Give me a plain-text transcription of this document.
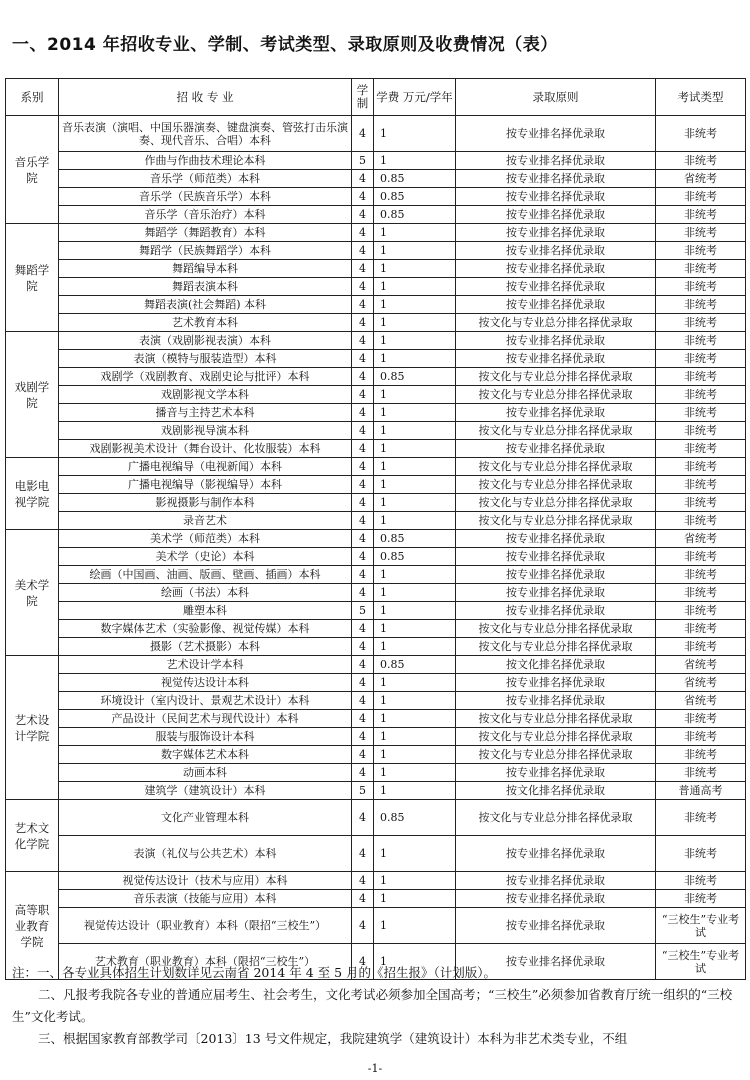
一、2014 年招收专业、学制、考试类型、录取原则及收费情况（表）
系别	招 收 专 业	学制	学费 万元/学年	录取原则	考试类型
音乐学院	音乐表演（演唱、中国乐器演奏、键盘演奏、管弦打击乐演奏、现代音乐、合唱）本科	4	1	按专业排名择优录取	非统考
	作曲与作曲技术理论本科	5	1	按专业排名择优录取	非统考
	音乐学（师范类）本科	4	0.85	按专业排名择优录取	省统考
	音乐学（民族音乐学）本科	4	0.85	按专业排名择优录取	非统考
	音乐学（音乐治疗）本科	4	0.85	按专业排名择优录取	非统考
舞蹈学院	舞蹈学（舞蹈教育）本科	4	1	按专业排名择优录取	非统考
	舞蹈学（民族舞蹈学）本科	4	1	按专业排名择优录取	非统考
	舞蹈编导本科	4	1	按专业排名择优录取	非统考
	舞蹈表演本科	4	1	按专业排名择优录取	非统考
	舞蹈表演(社会舞蹈) 本科	4	1	按专业排名择优录取	非统考
	艺术教育本科	4	1	按文化与专业总分排名择优录取	非统考
戏剧学院	表演（戏剧影视表演）本科	4	1	按专业排名择优录取	非统考
	表演（模特与服装造型）本科	4	1	按专业排名择优录取	非统考
	戏剧学（戏剧教育、戏剧史论与批评）本科	4	0.85	按文化与专业总分排名择优录取	非统考
	戏剧影视文学本科	4	1	按文化与专业总分排名择优录取	非统考
	播音与主持艺术本科	4	1	按专业排名择优录取	非统考
	戏剧影视导演本科	4	1	按文化与专业总分排名择优录取	非统考
	戏剧影视美术设计（舞台设计、化妆服装）本科	4	1	按专业排名择优录取	非统考
电影电视学院	广播电视编导（电视新闻）本科	4	1	按文化与专业总分排名择优录取	非统考
	广播电视编导（影视编导）本科	4	1	按文化与专业总分排名择优录取	非统考
	影视摄影与制作本科	4	1	按文化与专业总分排名择优录取	非统考
	录音艺术	4	1	按文化与专业总分排名择优录取	非统考
美术学院	美术学（师范类）本科	4	0.85	按专业排名择优录取	省统考
	美术学（史论）本科	4	0.85	按专业排名择优录取	非统考
	绘画（中国画、油画、版画、壁画、插画）本科	4	1	按专业排名择优录取	非统考
	绘画（书法）本科	4	1	按专业排名择优录取	非统考
	雕塑本科	5	1	按专业排名择优录取	非统考
	数字媒体艺术（实验影像、视觉传媒）本科	4	1	按文化与专业总分排名择优录取	非统考
	摄影（艺术摄影）本科	4	1	按文化与专业总分排名择优录取	非统考
艺术设计学院	艺术设计学本科	4	0.85	按文化排名择优录取	省统考
	视觉传达设计本科	4	1	按专业排名择优录取	省统考
	环境设计（室内设计、景观艺术设计）本科	4	1	按专业排名择优录取	省统考
	产品设计（民间艺术与现代设计）本科	4	1	按文化与专业总分排名择优录取	非统考
	服装与服饰设计本科	4	1	按文化与专业总分排名择优录取	非统考
	数字媒体艺术本科	4	1	按文化与专业总分排名择优录取	非统考
	动画本科	4	1	按专业排名择优录取	非统考
	建筑学（建筑设计）本科	5	1	按文化排名择优录取	普通高考
艺术文化学院	文化产业管理本科	4	0.85	按文化与专业总分排名择优录取	非统考
	表演（礼仪与公共艺术）本科	4	1	按专业排名择优录取	非统考
高等职业教育学院	视觉传达设计（技术与应用）本科	4	1	按专业排名择优录取	非统考
	音乐表演（技能与应用）本科	4	1	按专业排名择优录取	非统考
	视觉传达设计（职业教育）本科（限招“三校生”）	4	1	按专业排名择优录取	“三校生”专业考试
	艺术教育（职业教育）本科（限招“三校生”）	4	1	按专业排名择优录取	“三校生”专业考试

注：一、各专业具体招生计划数详见云南省 2014 年 4 至 5 月的《招生报》（计划版）。

二、凡报考我院各专业的普通应届考生、社会考生，文化考试必须参加全国高考；“三校生”必须参加省教育厅统一组织的“三校生”文化考试。

三、根据国家教育部教学司〔2013〕13 号文件规定，我院建筑学（建筑设计）本科为非艺术类专业，不组

-1-
